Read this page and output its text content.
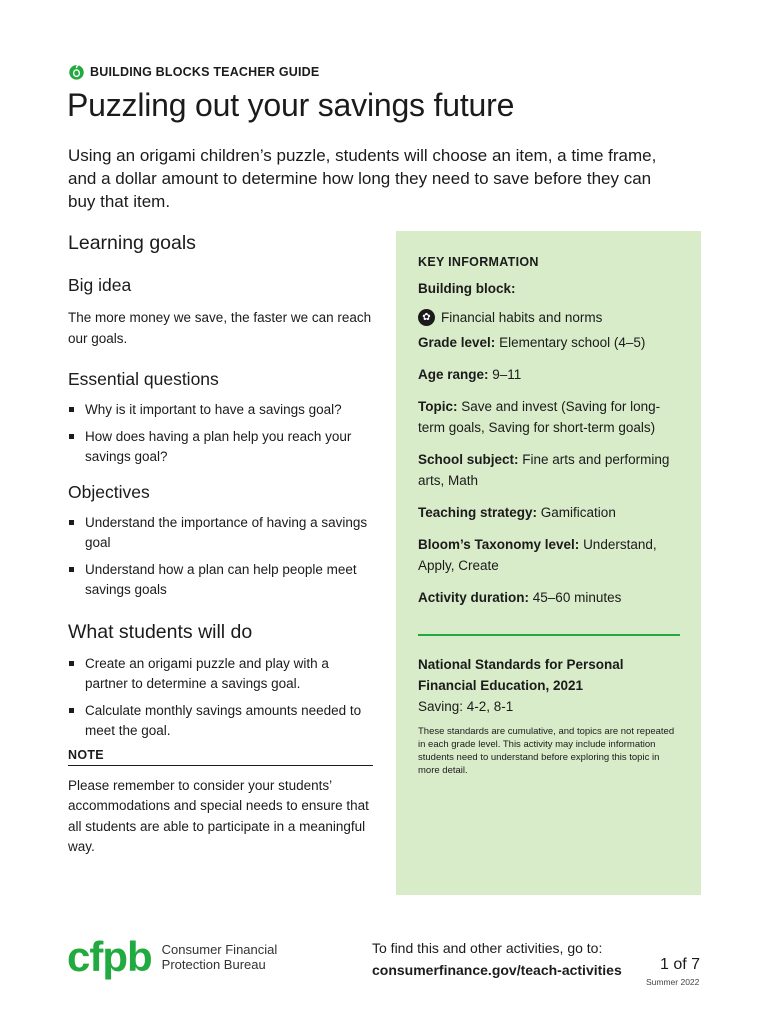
BUILDING BLOCKS TEACHER GUIDE
Puzzling out your savings future

Using an origami children’s puzzle, students will choose an item, a time frame, and a dollar amount to determine how long they need to save before they can buy that item.

Learning goals
Big idea

The more money we save, the faster we can reach our goals.

Essential questions
Why is it important to have a savings goal?
How does having a plan help you reach your savings goal?
Objectives
Understand the importance of having a savings goal
Understand how a plan can help people meet savings goals
What students will do
Create an origami puzzle and play with a partner to determine a savings goal.
Calculate monthly savings amounts needed to meet the goal.
NOTE

Please remember to consider your students’ accommodations and special needs to ensure that all students are able to participate in a meaningful way.

KEY INFORMATION

Building block:

✿ Financial habits and norms

Grade level: Elementary school (4–5)

Age range: 9–11

Topic: Save and invest (Saving for long-term goals, Saving for short-term goals)

School subject: Fine arts and performing arts, Math

Teaching strategy: Gamification

Bloom’s Taxonomy level: Understand, Apply, Create

Activity duration: 45–60 minutes

National Standards for Personal Financial Education, 2021

Saving: 4-2, 8-1

These standards are cumulative, and topics are not repeated in each grade level. This activity may include information students need to understand before exploring this topic in more detail.

cfpb Consumer Financial
Protection Bureau
To find this and other activities, go to:
consumerfinance.gov/teach-activities 1 of 7
Summer 2022
